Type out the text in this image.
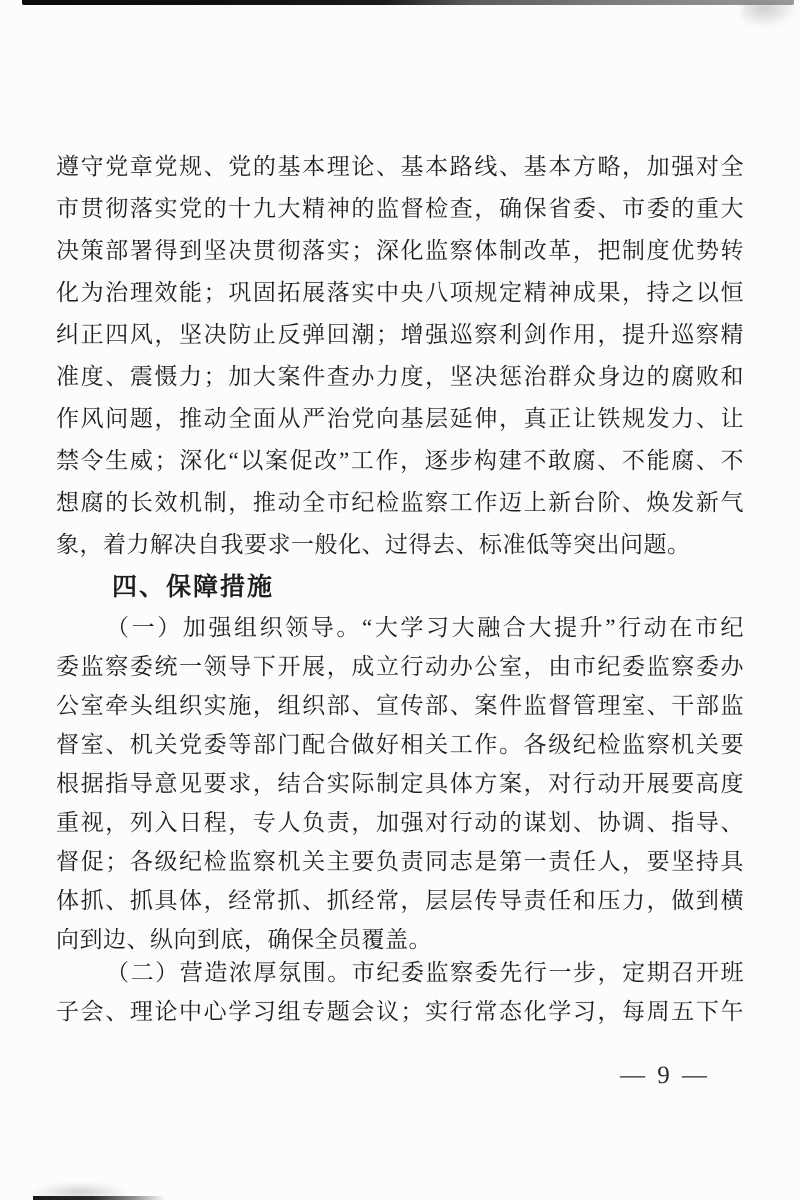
遵守党章党规、党的基本理论、基本路线、基本方略，加强对全
市贯彻落实党的十九大精神的监督检查，确保省委、市委的重大
决策部署得到坚决贯彻落实；深化监察体制改革，把制度优势转
化为治理效能；巩固拓展落实中央八项规定精神成果，持之以恒
纠正四风，坚决防止反弹回潮；增强巡察利剑作用，提升巡察精
准度、震慑力；加大案件查办力度，坚决惩治群众身边的腐败和
作风问题，推动全面从严治党向基层延伸，真正让铁规发力、让
禁令生威；深化“以案促改”工作，逐步构建不敢腐、不能腐、不
想腐的长效机制，推动全市纪检监察工作迈上新台阶、焕发新气
象，着力解决自我要求一般化、过得去、标准低等突出问题。
四、保障措施
（一）加强组织领导。“大学习大融合大提升”行动在市纪
委监察委统一领导下开展，成立行动办公室，由市纪委监察委办
公室牵头组织实施，组织部、宣传部、案件监督管理室、干部监
督室、机关党委等部门配合做好相关工作。各级纪检监察机关要
根据指导意见要求，结合实际制定具体方案，对行动开展要高度
重视，列入日程，专人负责，加强对行动的谋划、协调、指导、
督促；各级纪检监察机关主要负责同志是第一责任人，要坚持具
体抓、抓具体，经常抓、抓经常，层层传导责任和压力，做到横
向到边、纵向到底，确保全员覆盖。
（二）营造浓厚氛围。市纪委监察委先行一步，定期召开班
子会、理论中心学习组专题会议；实行常态化学习，每周五下午
— 9 —
